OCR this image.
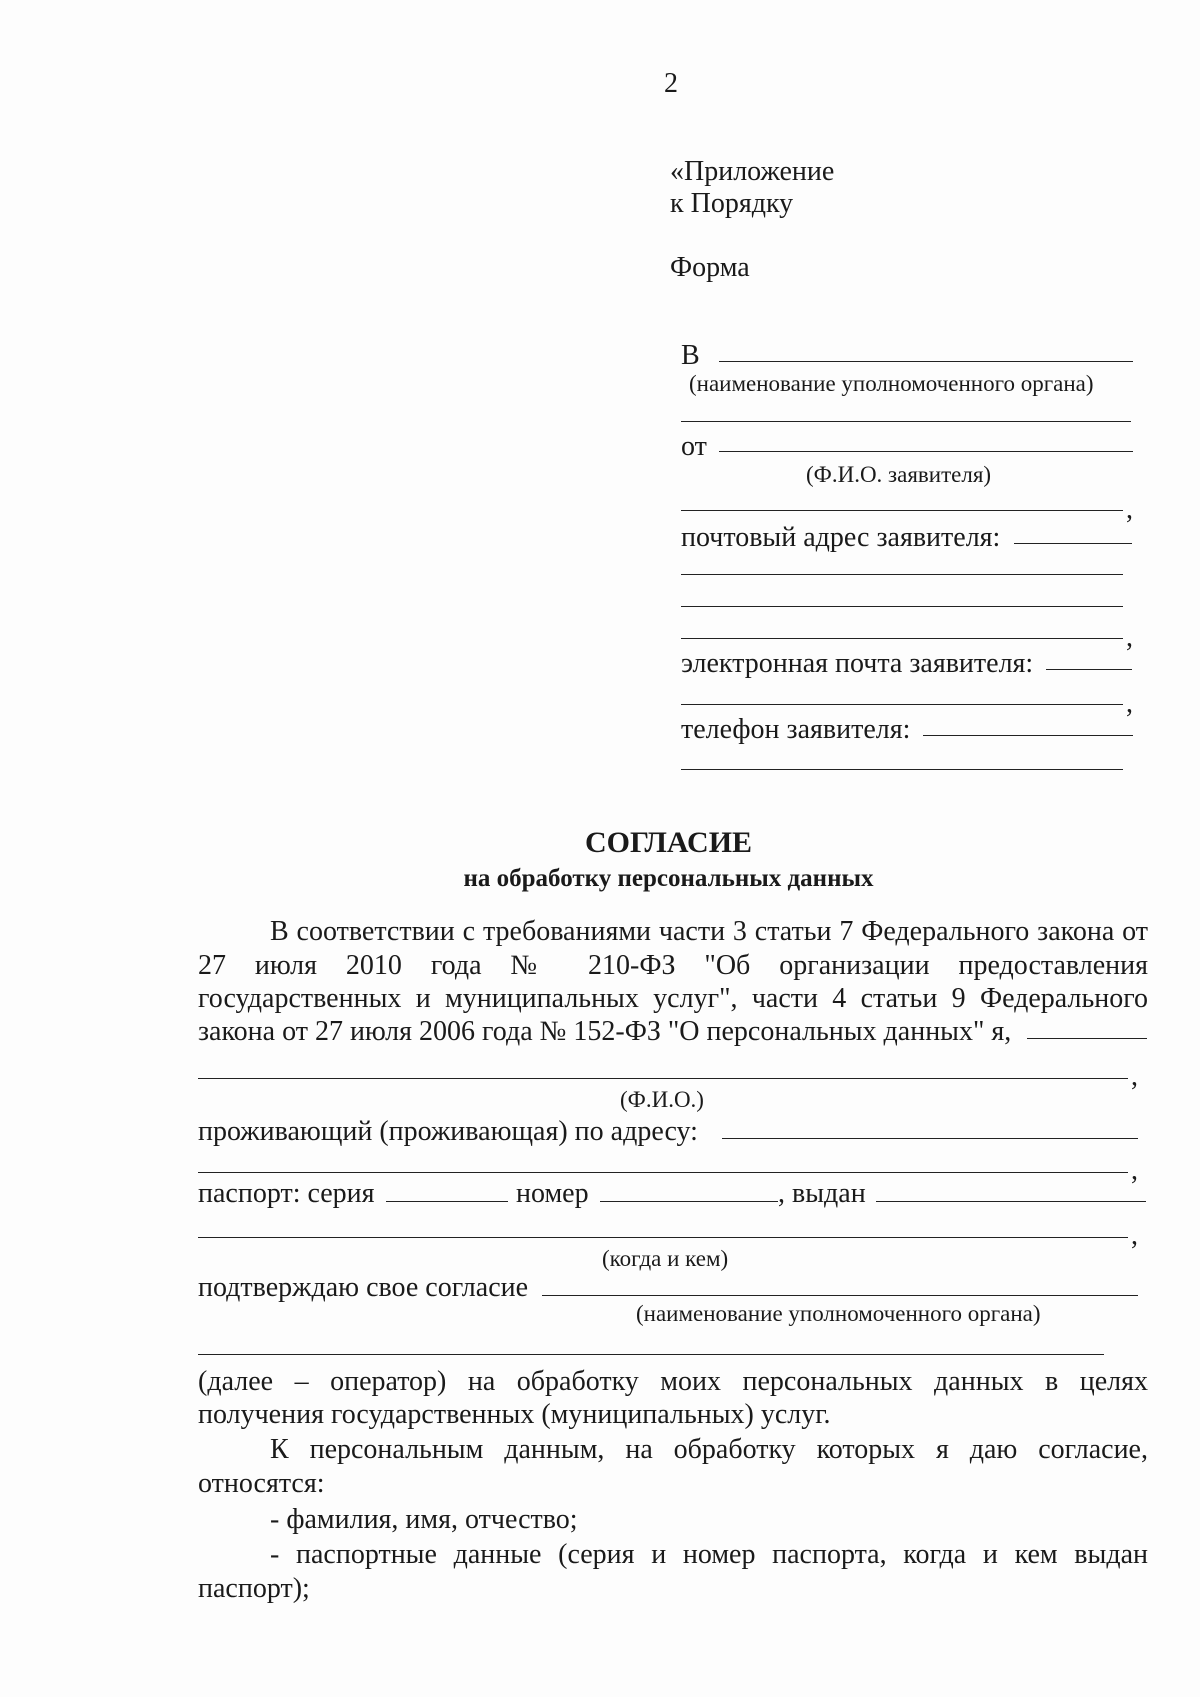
2
«Приложение
к Порядку
Форма
В
(наименование уполномоченного органа)
от
(Ф.И.О. заявителя)
,
почтовый адрес заявителя:
,
электронная почта заявителя:
,
телефон заявителя:
СОГЛАСИЕ
на обработку персональных данных
В соответствии с требованиями части 3 статьи 7 Федерального закона от
27 июля 2010 года № 210-ФЗ "Об организации предоставления
государственных и муниципальных услуг", части 4 статьи 9 Федерального
закона от 27 июля 2006 года № 152-ФЗ "О персональных данных" я,
,
(Ф.И.О.)
проживающий (проживающая) по адресу:
,
паспорт: серия	номер	, выдан
,
(когда и кем)
подтверждаю свое согласие
(наименование уполномоченного органа)
(далее – оператор) на обработку моих персональных данных в целях
получения государственных (муниципальных) услуг.
К персональным данным, на обработку которых я даю согласие,
относятся:
- фамилия, имя, отчество;
- паспортные данные (серия и номер паспорта, когда и кем выдан
паспорт);
